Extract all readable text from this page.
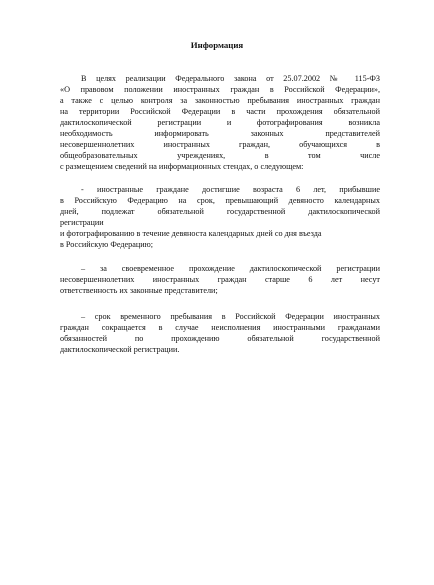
Информация

В целях реализации Федерального закона от 25.07.2002 № 115-ФЗ

«О правовом положении иностранных граждан в Российской Федерации»,

а также с целью контроля за законностью пребывания иностранных граждан

на территории Российской Федерации в части прохождения обязательной

дактилоскопической регистрации и фотографирования возникла

необходимость информировать законных представителей

несовершеннолетних иностранных граждан, обучающихся в

общеобразовательных учреждениях, в том числе

с размещением сведений на информационных стендах, о следующем:

- иностранные граждане достигшие возраста 6 лет, прибывшие

в Российскую Федерацию на срок, превышающий девяносто календарных

дней, подлежат обязательной государственной дактилоскопической

регистрации

и фотографированию в течение девяноста календарных дней со дня въезда

в Российскую Федерацию;

– за своевременное прохождение дактилоскопической регистрации

несовершеннолетних иностранных граждан старше 6 лет несут

ответственность их законные представители;

– срок временного пребывания в Российской Федерации иностранных

граждан сокращается в случае неисполнения иностранными гражданами

обязанностей по прохождению обязательной государственной

дактилоскопической регистрации.
